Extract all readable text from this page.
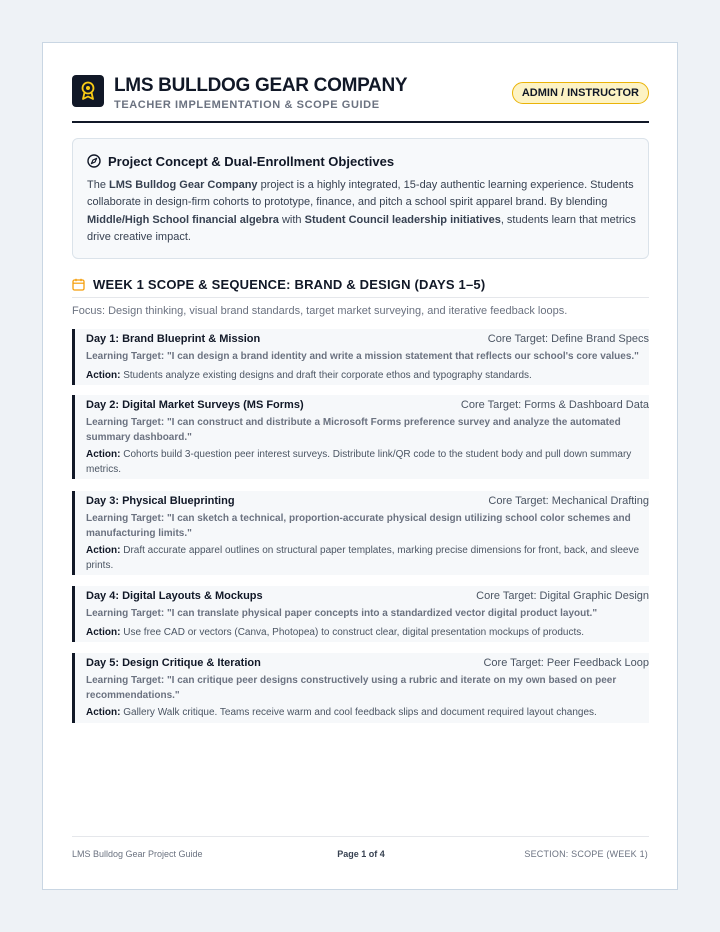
LMS BULLDOG GEAR COMPANY
TEACHER IMPLEMENTATION & SCOPE GUIDE
ADMIN / INSTRUCTOR
Project Concept & Dual-Enrollment Objectives
The LMS Bulldog Gear Company project is a highly integrated, 15-day authentic learning experience. Students collaborate in design-firm cohorts to prototype, finance, and pitch a school spirit apparel brand. By blending Middle/High School financial algebra with Student Council leadership initiatives, students learn that metrics drive creative impact.
WEEK 1 SCOPE & SEQUENCE: BRAND & DESIGN (DAYS 1–5)
Focus: Design thinking, visual brand standards, target market surveying, and iterative feedback loops.
Day 1: Brand Blueprint & Mission	Core Target: Define Brand Specs
Learning Target: "I can design a brand identity and write a mission statement that reflects our school's core values."
Action: Students analyze existing designs and draft their corporate ethos and typography standards.
Day 2: Digital Market Surveys (MS Forms)	Core Target: Forms & Dashboard Data
Learning Target: "I can construct and distribute a Microsoft Forms preference survey and analyze the automated summary dashboard."
Action: Cohorts build 3-question peer interest surveys. Distribute link/QR code to the student body and pull down summary metrics.
Day 3: Physical Blueprinting	Core Target: Mechanical Drafting
Learning Target: "I can sketch a technical, proportion-accurate physical design utilizing school color schemes and manufacturing limits."
Action: Draft accurate apparel outlines on structural paper templates, marking precise dimensions for front, back, and sleeve prints.
Day 4: Digital Layouts & Mockups	Core Target: Digital Graphic Design
Learning Target: "I can translate physical paper concepts into a standardized vector digital product layout."
Action: Use free CAD or vectors (Canva, Photopea) to construct clear, digital presentation mockups of products.
Day 5: Design Critique & Iteration	Core Target: Peer Feedback Loop
Learning Target: "I can critique peer designs constructively using a rubric and iterate on my own based on peer recommendations."
Action: Gallery Walk critique. Teams receive warm and cool feedback slips and document required layout changes.
LMS Bulldog Gear Project Guide	Page 1 of 4	SECTION: SCOPE (WEEK 1)
